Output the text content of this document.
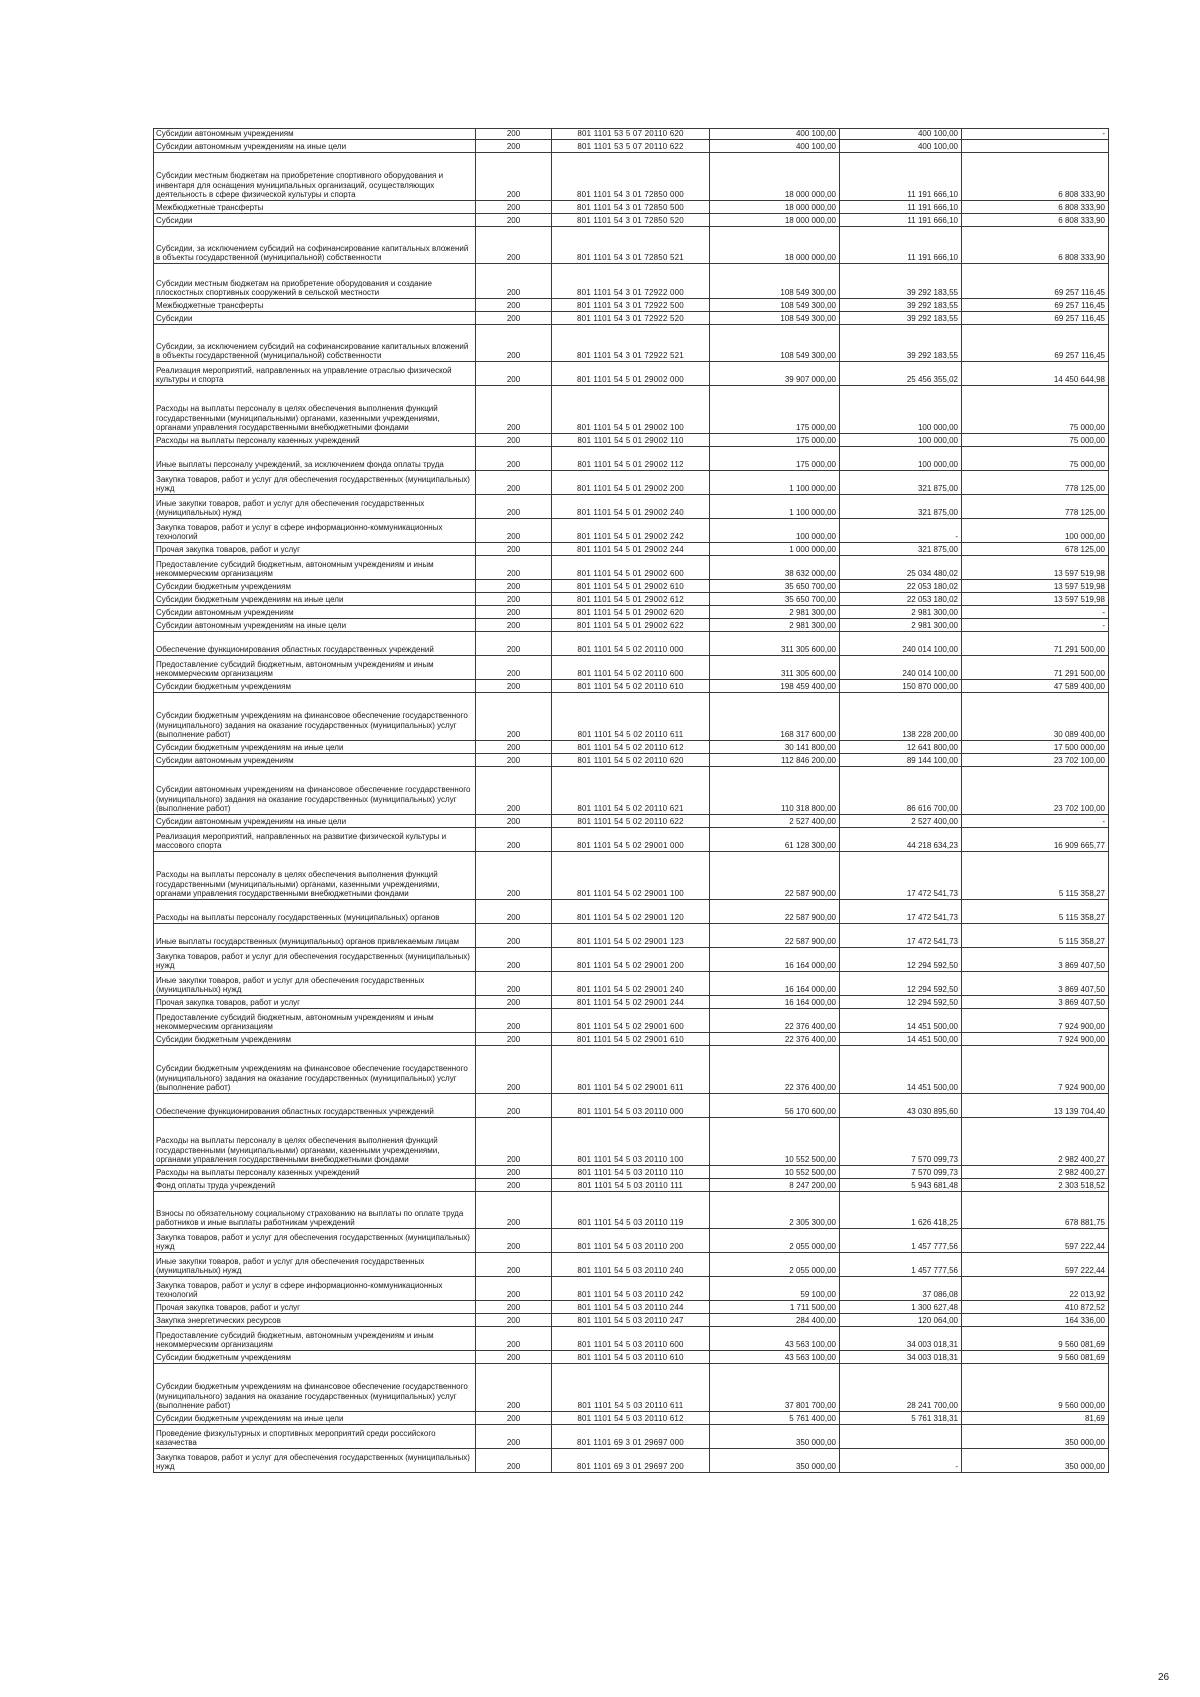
Субсидии автономным учреждениям	200	801 1101 53 5 07 20110 620	400 100,00	400 100,00	-
Субсидии автономным учреждениям на иные цели	200	801 1101 53 5 07 20110 622	400 100,00	400 100,00	
Субсидии местным бюджетам на приобретение спортивного оборудования и инвентаря для оснащения муниципальных организаций, осуществляющих деятельность в сфере физической культуры и спорта	200	801 1101 54 3 01 72850 000	18 000 000,00	11 191 666,10	6 808 333,90
Межбюджетные трансферты	200	801 1101 54 3 01 72850 500	18 000 000,00	11 191 666,10	6 808 333,90
Субсидии	200	801 1101 54 3 01 72850 520	18 000 000,00	11 191 666,10	6 808 333,90
Субсидии, за исключением субсидий на софинансирование капитальных вложений в объекты государственной (муниципальной) собственности	200	801 1101 54 3 01 72850 521	18 000 000,00	11 191 666,10	6 808 333,90
Субсидии местным бюджетам на приобретение оборудования и создание плоскостных спортивных сооружений в сельской местности	200	801 1101 54 3 01 72922 000	108 549 300,00	39 292 183,55	69 257 116,45
Межбюджетные трансферты	200	801 1101 54 3 01 72922 500	108 549 300,00	39 292 183,55	69 257 116,45
Субсидии	200	801 1101 54 3 01 72922 520	108 549 300,00	39 292 183,55	69 257 116,45
Субсидии, за исключением субсидий на софинансирование капитальных вложений в объекты государственной (муниципальной) собственности	200	801 1101 54 3 01 72922 521	108 549 300,00	39 292 183,55	69 257 116,45
Реализация мероприятий, направленных на управление отраслью физической культуры и спорта	200	801 1101 54 5 01 29002 000	39 907 000,00	25 456 355,02	14 450 644,98
Расходы на выплаты персоналу в целях обеспечения выполнения функций государственными (муниципальными) органами, казенными учреждениями, органами управления государственными внебюджетными фондами	200	801 1101 54 5 01 29002 100	175 000,00	100 000,00	75 000,00
Расходы на выплаты персоналу казенных учреждений	200	801 1101 54 5 01 29002 110	175 000,00	100 000,00	75 000,00
Иные выплаты персоналу учреждений, за исключением фонда оплаты труда	200	801 1101 54 5 01 29002 112	175 000,00	100 000,00	75 000,00
Закупка товаров, работ и услуг для обеспечения государственных (муниципальных) нужд	200	801 1101 54 5 01 29002 200	1 100 000,00	321 875,00	778 125,00
Иные закупки товаров, работ и услуг для обеспечения государственных (муниципальных) нужд	200	801 1101 54 5 01 29002 240	1 100 000,00	321 875,00	778 125,00
Закупка товаров, работ и услуг в сфере информационно-коммуникационных технологий	200	801 1101 54 5 01 29002 242	100 000,00	-	100 000,00
Прочая закупка товаров, работ и услуг	200	801 1101 54 5 01 29002 244	1 000 000,00	321 875,00	678 125,00
Предоставление субсидий бюджетным, автономным учреждениям и иным некоммерческим организациям	200	801 1101 54 5 01 29002 600	38 632 000,00	25 034 480,02	13 597 519,98
Субсидии бюджетным учреждениям	200	801 1101 54 5 01 29002 610	35 650 700,00	22 053 180,02	13 597 519,98
Субсидии бюджетным учреждениям на иные цели	200	801 1101 54 5 01 29002 612	35 650 700,00	22 053 180,02	13 597 519,98
Субсидии автономным учреждениям	200	801 1101 54 5 01 29002 620	2 981 300,00	2 981 300,00	-
Субсидии автономным учреждениям на иные цели	200	801 1101 54 5 01 29002 622	2 981 300,00	2 981 300,00	-
Обеспечение функционирования областных государственных учреждений	200	801 1101 54 5 02 20110 000	311 305 600,00	240 014 100,00	71 291 500,00
Предоставление субсидий бюджетным, автономным учреждениям и иным некоммерческим организациям	200	801 1101 54 5 02 20110 600	311 305 600,00	240 014 100,00	71 291 500,00
Субсидии бюджетным учреждениям	200	801 1101 54 5 02 20110 610	198 459 400,00	150 870 000,00	47 589 400,00
Субсидии бюджетным учреждениям на финансовое обеспечение государственного (муниципального) задания на оказание государственных (муниципальных) услуг (выполнение работ)	200	801 1101 54 5 02 20110 611	168 317 600,00	138 228 200,00	30 089 400,00
Субсидии бюджетным учреждениям на иные цели	200	801 1101 54 5 02 20110 612	30 141 800,00	12 641 800,00	17 500 000,00
Субсидии автономным учреждениям	200	801 1101 54 5 02 20110 620	112 846 200,00	89 144 100,00	23 702 100,00
Субсидии автономным учреждениям на финансовое обеспечение государственного (муниципального) задания на оказание государственных (муниципальных) услуг (выполнение работ)	200	801 1101 54 5 02 20110 621	110 318 800,00	86 616 700,00	23 702 100,00
Субсидии автономным учреждениям на иные цели	200	801 1101 54 5 02 20110 622	2 527 400,00	2 527 400,00	-
Реализация мероприятий, направленных на развитие физической культуры и массового спорта	200	801 1101 54 5 02 29001 000	61 128 300,00	44 218 634,23	16 909 665,77
Расходы на выплаты персоналу в целях обеспечения выполнения функций государственными (муниципальными) органами, казенными учреждениями, органами управления государственными внебюджетными фондами	200	801 1101 54 5 02 29001 100	22 587 900,00	17 472 541,73	5 115 358,27
Расходы на выплаты персоналу государственных (муниципальных) органов	200	801 1101 54 5 02 29001 120	22 587 900,00	17 472 541,73	5 115 358,27
Иные выплаты государственных (муниципальных) органов привлекаемым лицам	200	801 1101 54 5 02 29001 123	22 587 900,00	17 472 541,73	5 115 358,27
Закупка товаров, работ и услуг для обеспечения государственных (муниципальных) нужд	200	801 1101 54 5 02 29001 200	16 164 000,00	12 294 592,50	3 869 407,50
Иные закупки товаров, работ и услуг для обеспечения государственных (муниципальных) нужд	200	801 1101 54 5 02 29001 240	16 164 000,00	12 294 592,50	3 869 407,50
Прочая закупка товаров, работ и услуг	200	801 1101 54 5 02 29001 244	16 164 000,00	12 294 592,50	3 869 407,50
Предоставление субсидий бюджетным, автономным учреждениям и иным некоммерческим организациям	200	801 1101 54 5 02 29001 600	22 376 400,00	14 451 500,00	7 924 900,00
Субсидии бюджетным учреждениям	200	801 1101 54 5 02 29001 610	22 376 400,00	14 451 500,00	7 924 900,00
Субсидии бюджетным учреждениям на финансовое обеспечение государственного (муниципального) задания на оказание государственных (муниципальных) услуг (выполнение работ)	200	801 1101 54 5 02 29001 611	22 376 400,00	14 451 500,00	7 924 900,00
Обеспечение функционирования областных государственных учреждений	200	801 1101 54 5 03 20110 000	56 170 600,00	43 030 895,60	13 139 704,40
Расходы на выплаты персоналу в целях обеспечения выполнения функций государственными (муниципальными) органами, казенными учреждениями, органами управления государственными внебюджетными фондами	200	801 1101 54 5 03 20110 100	10 552 500,00	7 570 099,73	2 982 400,27
Расходы на выплаты персоналу казенных учреждений	200	801 1101 54 5 03 20110 110	10 552 500,00	7 570 099,73	2 982 400,27
Фонд оплаты труда учреждений	200	801 1101 54 5 03 20110 111	8 247 200,00	5 943 681,48	2 303 518,52
Взносы по обязательному социальному страхованию на выплаты по оплате труда работников и иные выплаты работникам учреждений	200	801 1101 54 5 03 20110 119	2 305 300,00	1 626 418,25	678 881,75
Закупка товаров, работ и услуг для обеспечения государственных (муниципальных) нужд	200	801 1101 54 5 03 20110 200	2 055 000,00	1 457 777,56	597 222,44
Иные закупки товаров, работ и услуг для обеспечения государственных (муниципальных) нужд	200	801 1101 54 5 03 20110 240	2 055 000,00	1 457 777,56	597 222,44
Закупка товаров, работ и услуг в сфере информационно-коммуникационных технологий	200	801 1101 54 5 03 20110 242	59 100,00	37 086,08	22 013,92
Прочая закупка товаров, работ и услуг	200	801 1101 54 5 03 20110 244	1 711 500,00	1 300 627,48	410 872,52
Закупка энергетических ресурсов	200	801 1101 54 5 03 20110 247	284 400,00	120 064,00	164 336,00
Предоставление субсидий бюджетным, автономным учреждениям и иным некоммерческим организациям	200	801 1101 54 5 03 20110 600	43 563 100,00	34 003 018,31	9 560 081,69
Субсидии бюджетным учреждениям	200	801 1101 54 5 03 20110 610	43 563 100,00	34 003 018,31	9 560 081,69
Субсидии бюджетным учреждениям на финансовое обеспечение государственного (муниципального) задания на оказание государственных (муниципальных) услуг (выполнение работ)	200	801 1101 54 5 03 20110 611	37 801 700,00	28 241 700,00	9 560 000,00
Субсидии бюджетным учреждениям на иные цели	200	801 1101 54 5 03 20110 612	5 761 400,00	5 761 318,31	81,69
Проведение физкультурных и спортивных мероприятий среди российского казачества	200	801 1101 69 3 01 29697 000	350 000,00		350 000,00
Закупка товаров, работ и услуг для обеспечения государственных (муниципальных) нужд	200	801 1101 69 3 01 29697 200	350 000,00	-	350 000,00
26
